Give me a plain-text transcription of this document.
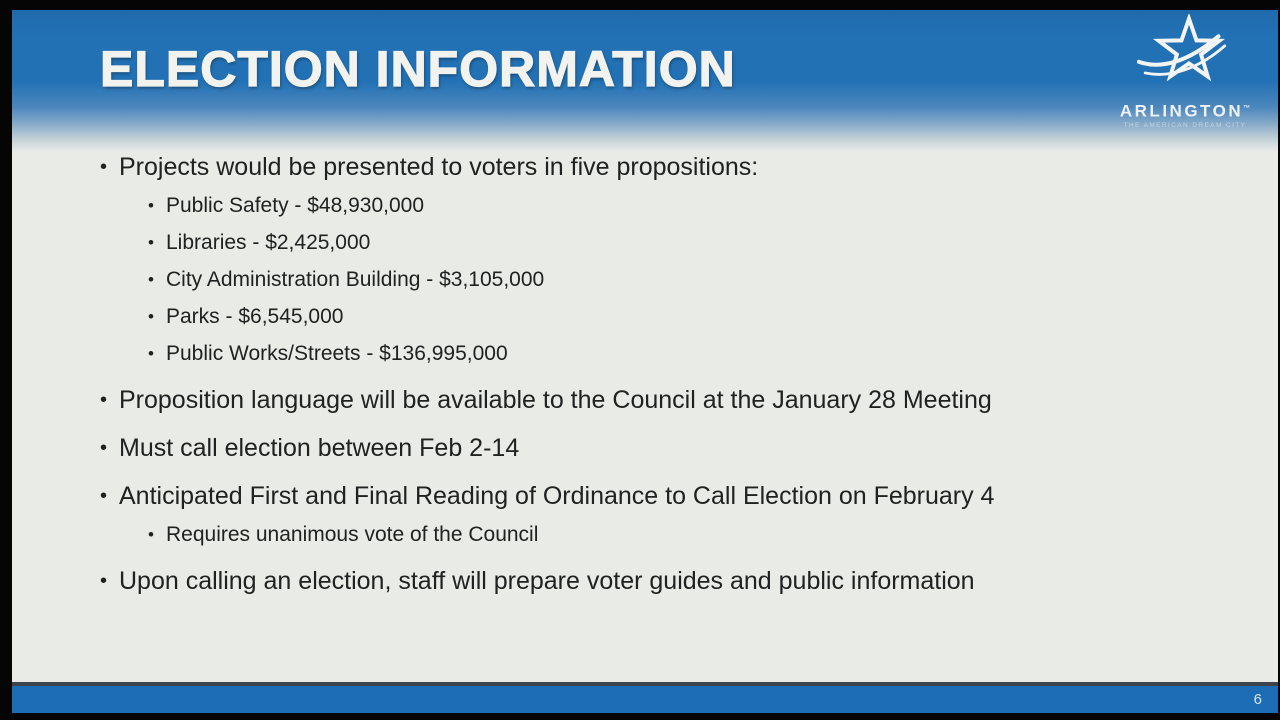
ELECTION INFORMATION
ARLINGTON™
THE AMERICAN DREAM CITY
• Projects would be presented to voters in five propositions:
• Public Safety - $48,930,000
• Libraries - $2,425,000
• City Administration Building - $3,105,000
• Parks - $6,545,000
• Public Works/Streets - $136,995,000
• Proposition language will be available to the Council at the January 28 Meeting
• Must call election between Feb 2-14
• Anticipated First and Final Reading of Ordinance to Call Election on February 4
• Requires unanimous vote of the Council
• Upon calling an election, staff will prepare voter guides and public information
6
